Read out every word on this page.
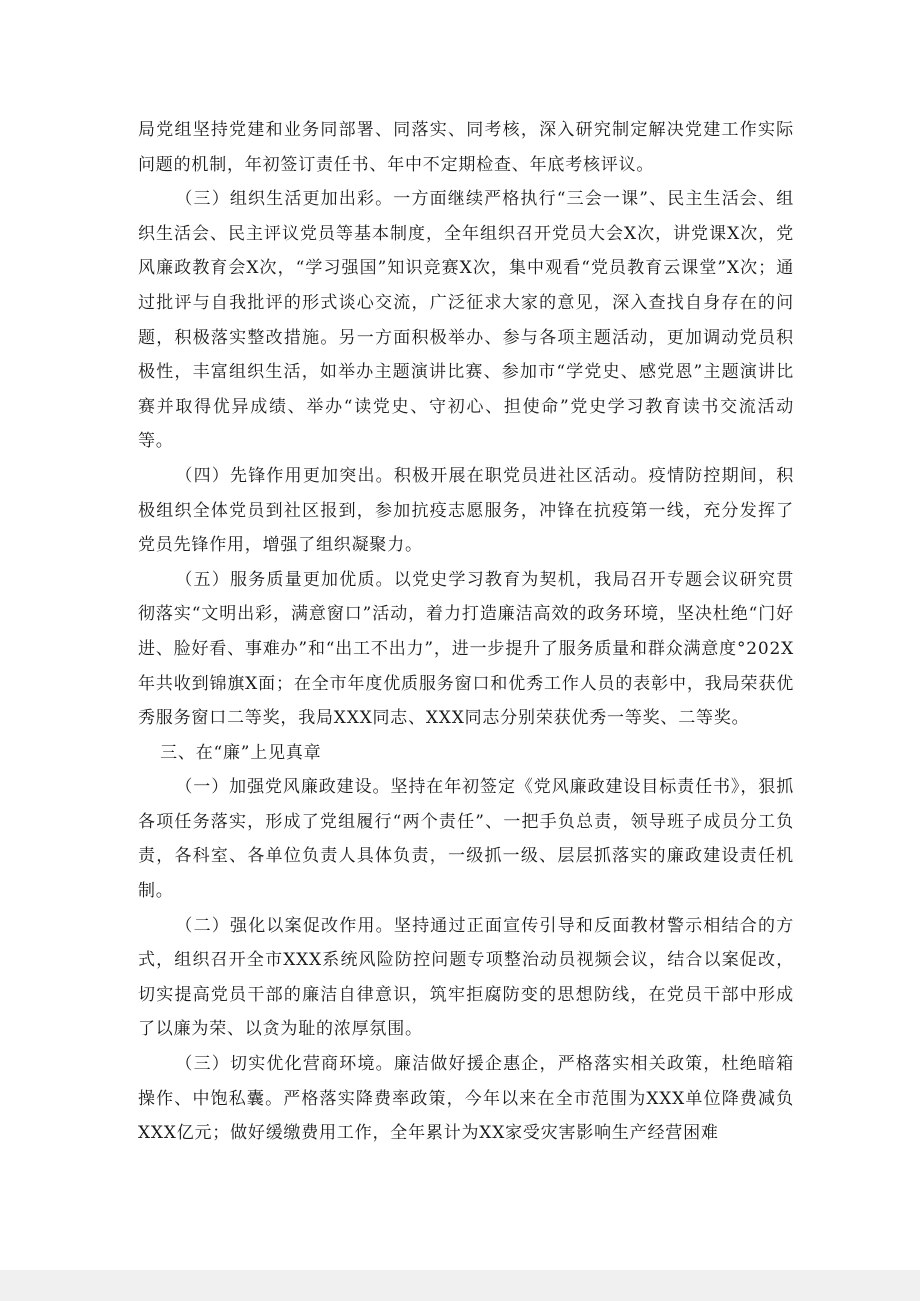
局党组坚持党建和业务同部署、同落实、同考核，深入研究制定解决党建工作实际问题的机制，年初签订责任书、年中不定期检查、年底考核评议。

（三）组织生活更加出彩。一方面继续严格执行“三会一课”、民主生活会、组织生活会、民主评议党员等基本制度，全年组织召开党员大会X次，讲党课X次，党风廉政教育会X次，“学习强国”知识竞赛X次，集中观看“党员教育云课堂”X次；通过批评与自我批评的形式谈心交流，广泛征求大家的意见，深入查找自身存在的问题，积极落实整改措施。另一方面积极举办、参与各项主题活动，更加调动党员积极性，丰富组织生活，如举办主题演讲比赛、参加市“学党史、感党恩”主题演讲比赛并取得优异成绩、举办“读党史、守初心、担使命”党史学习教育读书交流活动等。

（四）先锋作用更加突出。积极开展在职党员进社区活动。疫情防控期间，积极组织全体党员到社区报到，参加抗疫志愿服务，冲锋在抗疫第一线，充分发挥了党员先锋作用，增强了组织凝聚力。

（五）服务质量更加优质。以党史学习教育为契机，我局召开专题会议研究贯彻落实“文明出彩，满意窗口”活动，着力打造廉洁高效的政务环境，坚决杜绝“门好进、脸好看、事难办”和“出工不出力”，进一步提升了服务质量和群众满意度°202X年共收到锦旗X面；在全市年度优质服务窗口和优秀工作人员的表彰中，我局荣获优秀服务窗口二等奖，我局XXX同志、XXX同志分别荣获优秀一等奖、二等奖。

三、在“廉”上见真章

（一）加强党风廉政建设。坚持在年初签定《党风廉政建设目标责任书》，狠抓各项任务落实，形成了党组履行“两个责任”、一把手负总责，领导班子成员分工负责，各科室、各单位负责人具体负责，一级抓一级、层层抓落实的廉政建设责任机制。

（二）强化以案促改作用。坚持通过正面宣传引导和反面教材警示相结合的方式，组织召开全市XXX系统风险防控问题专项整治动员视频会议，结合以案促改，切实提高党员干部的廉洁自律意识，筑牢拒腐防变的思想防线，在党员干部中形成了以廉为荣、以贪为耻的浓厚氛围。

（三）切实优化营商环境。廉洁做好援企惠企，严格落实相关政策，杜绝暗箱操作、中饱私囊。严格落实降费率政策，今年以来在全市范围为XXX单位降费减负XXX亿元；做好缓缴费用工作，全年累计为XX家受灾害影响生产经营困难
